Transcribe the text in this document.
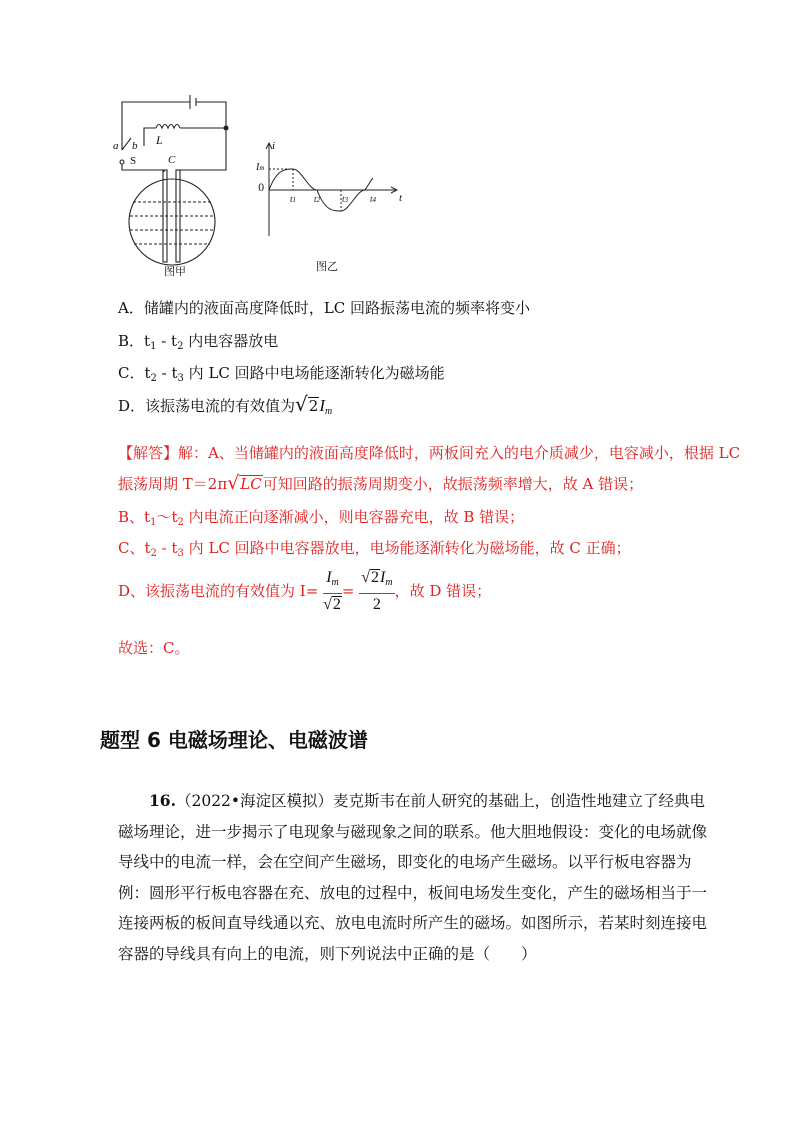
a b
S	C
L
图甲
i
t
Im
0
t1 t2 t3 t4
图乙
A．储罐内的液面高度降低时，LC 回路振荡电流的频率将变小
B．$t_1 - t_2$ 内电容器放电
C．$t_2 - t_3$ 内 LC 回路中电场能逐渐转化为磁场能
D．该振荡电流的有效值为$√2I_m$
【解答】解：A、当储罐内的液面高度降低时，两板间充入的电介质减少，电容减小，根据 LC
振荡周期 T＝2π√LC可知回路的振荡周期变小，故振荡频率增大，故 A 错误；
B、$t_1\sim t_2$ 内电流正向逐渐减小，则电容器充电，故 B 错误；
C、$t_2 - t_3$ 内 LC 回路中电容器放电，电场能逐渐转化为磁场能，故 C 正确；
D、该振荡电流的有效值为 $I= \frac{I_m}{√2} = \frac{√2I_m}{2}$ ，故 D 错误；
故选：C。
题型 6 电磁场理论、电磁波谱
16.（2022•海淀区模拟）麦克斯韦在前人研究的基础上，创造性地建立了经典电磁场理论，进一步揭示了电现象与磁现象之间的联系。他大胆地假设：变化的电场就像导线中的电流一样，会在空间产生磁场，即变化的电场产生磁场。以平行板电容器为例：圆形平行板电容器在充、放电的过程中，板间电场发生变化，产生的磁场相当于一连接两板的板间直导线通以充、放电电流时所产生的磁场。如图所示，若某时刻连接电容器的导线具有向上的电流，则下列说法中正确的是（　　）
